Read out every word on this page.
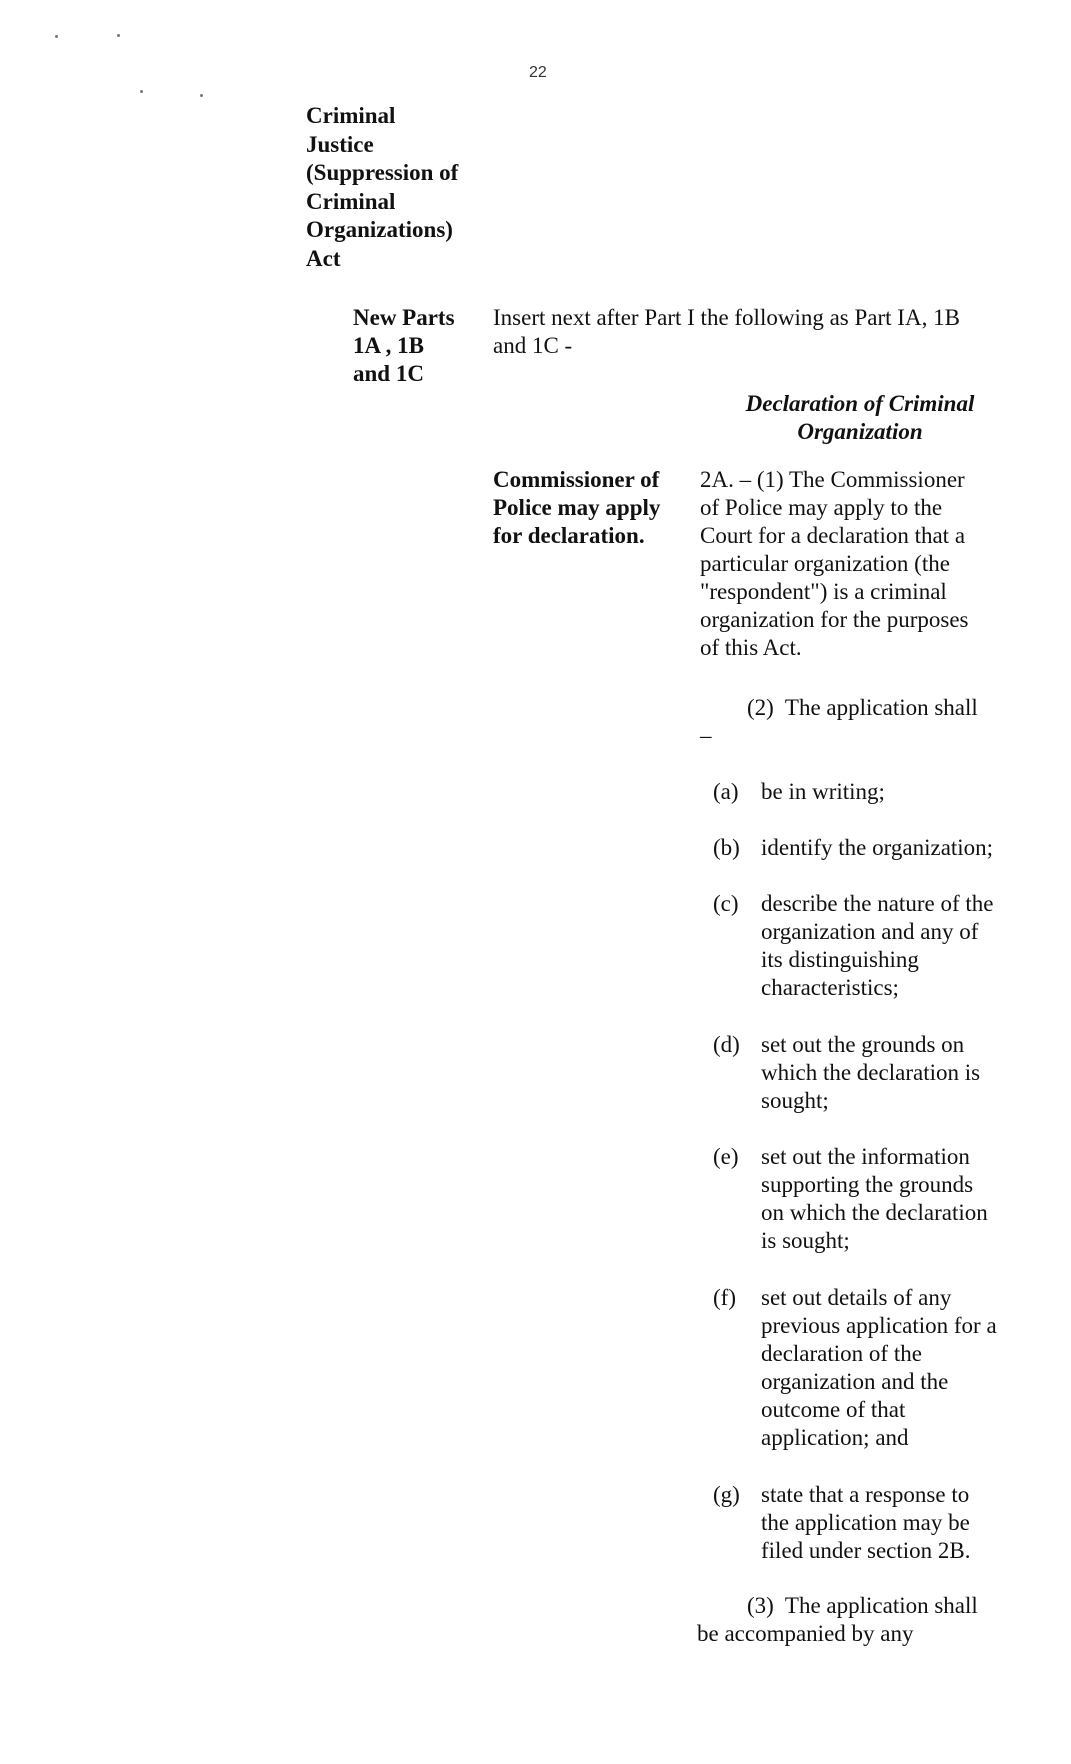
22
Criminal
Justice
(Suppression of
Criminal
Organizations)
Act
New Parts
1A , 1B
and 1C
Insert next after Part I the following as Part IA, 1B
and 1C -
Declaration of Criminal
Organization
Commissioner of
Police may apply
for declaration.
2A. – (1) The Commissioner
of Police may apply to the
Court for a declaration that a
particular organization (the
"respondent") is a criminal
organization for the purposes
of this Act.
(2)  The application shall
–
(a) be in writing;
(b) identify the organization;
(c) describe the nature of the
organization and any of
its distinguishing
characteristics;
(d) set out the grounds on
which the declaration is
sought;
(e) set out the information
supporting the grounds
on which the declaration
is sought;
(f) set out details of any
previous application for a
declaration of the
organization and the
outcome of that
application; and
(g) state that a response to
the application may be
filed under section 2B.
(3)  The application shall
be accompanied by any
